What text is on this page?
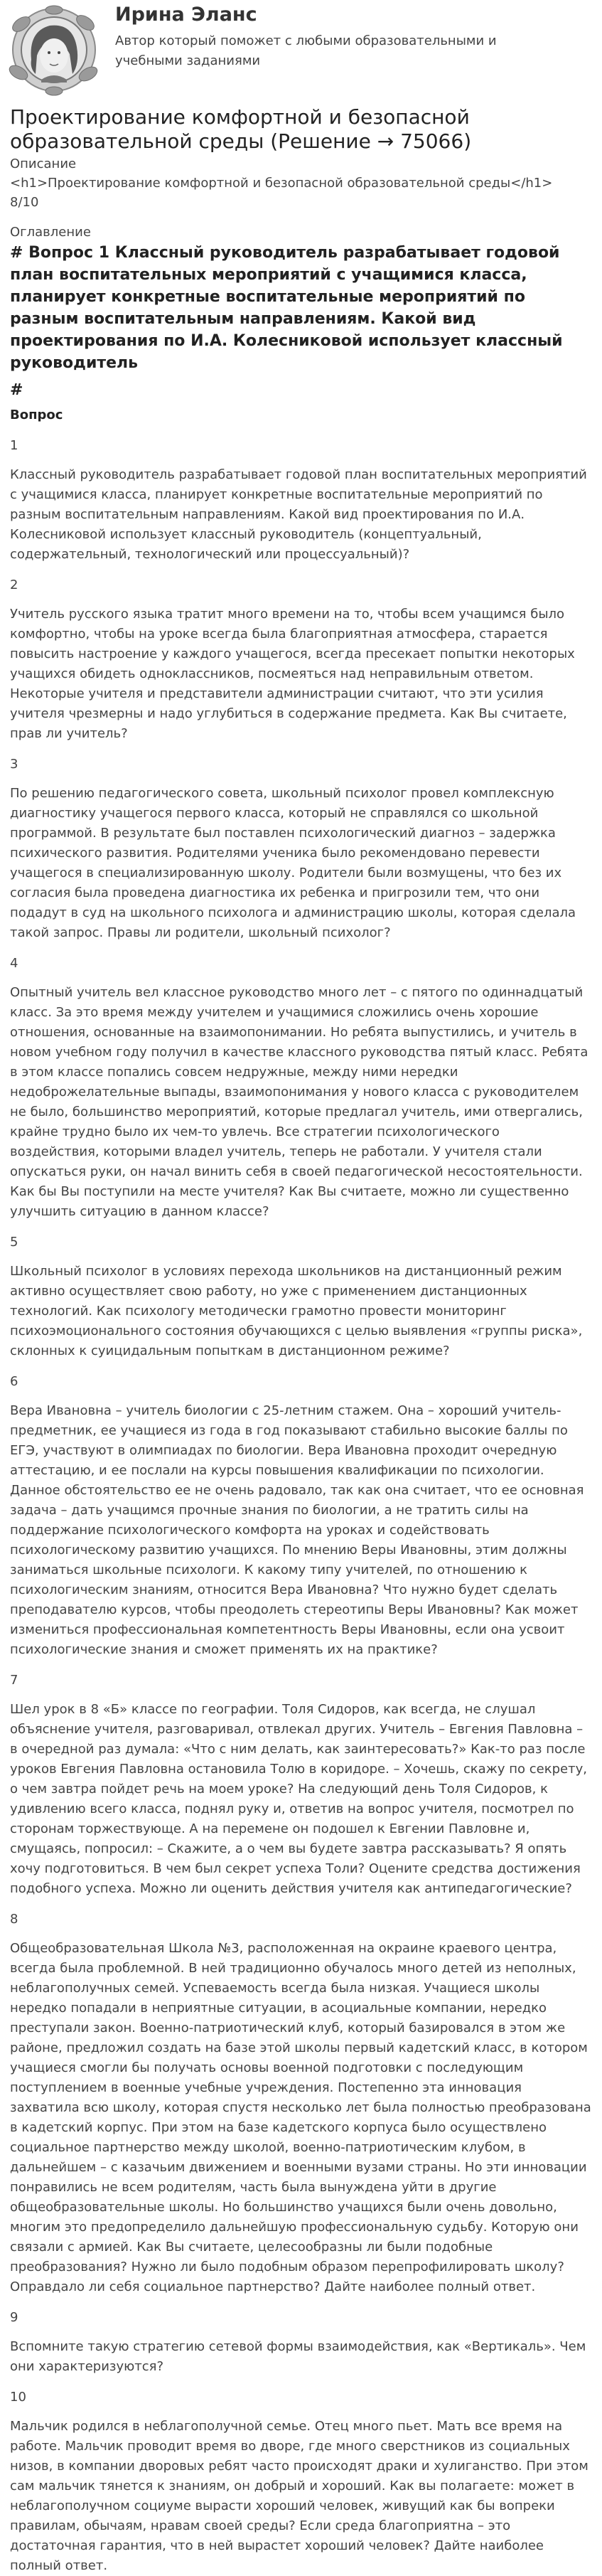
Ирина Эланс
Автор который поможет с любыми образовательными и учебными заданиями
Проектирование комфортной и безопасной образовательной среды (Решение → 75066)
Описание
<h1>Проектирование комфортной и безопасной образовательной среды</h1>
8/10
Оглавление
# Вопрос 1 Классный руководитель разрабатывает годовой план воспитательных мероприятий с учащимися класса, планирует конкретные воспитательные мероприятий по разным воспитательным направлениям. Какой вид проектирования по И.А. Колесниковой использует классный руководитель
#
Вопрос
1
Классный руководитель разрабатывает годовой план воспитательных мероприятий с учащимися класса, планирует конкретные воспитательные мероприятий по разным воспитательным направлениям. Какой вид проектирования по И.А. Колесниковой использует классный руководитель (концептуальный, содержательный, технологический или процессуальный)?
2
Учитель русского языка тратит много времени на то, чтобы всем учащимся было комфортно, чтобы на уроке всегда была благоприятная атмосфера, старается повысить настроение у каждого учащегося, всегда пресекает попытки некоторых учащихся обидеть одноклассников, посмеяться над неправильным ответом. Некоторые учителя и представители администрации считают, что эти усилия учителя чрезмерны и надо углубиться в содержание предмета. Как Вы считаете, прав ли учитель?
3
По решению педагогического совета, школьный психолог провел комплексную диагностику учащегося первого класса, который не справлялся со школьной программой. В результате был поставлен психологический диагноз – задержка психического развития. Родителями ученика было рекомендовано перевести учащегося в специализированную школу. Родители были возмущены, что без их согласия была проведена диагностика их ребенка и пригрозили тем, что они подадут в суд на школьного психолога и администрацию школы, которая сделала такой запрос. Правы ли родители, школьный психолог?
4
Опытный учитель вел классное руководство много лет – с пятого по одиннадцатый класс. За это время между учителем и учащимися сложились очень хорошие отношения, основанные на взаимопонимании. Но ребята выпустились, и учитель в новом учебном году получил в качестве классного руководства пятый класс. Ребята в этом классе попались совсем недружные, между ними нередки недоброжелательные выпады, взаимопонимания у нового класса с руководителем не было, большинство мероприятий, которые предлагал учитель, ими отвергались, крайне трудно было их чем-то увлечь. Все стратегии психологического воздействия, которыми владел учитель, теперь не работали. У учителя стали опускаться руки, он начал винить себя в своей педагогической несостоятельности. Как бы Вы поступили на месте учителя? Как Вы считаете, можно ли существенно улучшить ситуацию в данном классе?
5
Школьный психолог в условиях перехода школьников на дистанционный режим активно осуществляет свою работу, но уже с применением дистанционных технологий. Как психологу методически грамотно провести мониторинг психоэмоционального состояния обучающихся с целью выявления «группы риска», склонных к суицидальным попыткам в дистанционном режиме?
6
Вера Ивановна – учитель биологии с 25-летним стажем. Она – хороший учитель-предметник, ее учащиеся из года в год показывают стабильно высокие баллы по ЕГЭ, участвуют в олимпиадах по биологии. Вера Ивановна проходит очередную аттестацию, и ее послали на курсы повышения квалификации по психологии. Данное обстоятельство ее не очень радовало, так как она считает, что ее основная задача – дать учащимся прочные знания по биологии, а не тратить силы на поддержание психологического комфорта на уроках и содействовать психологическому развитию учащихся. По мнению Веры Ивановны, этим должны заниматься школьные психологи. К какому типу учителей, по отношению к психологическим знаниям, относится Вера Ивановна? Что нужно будет сделать преподавателю курсов, чтобы преодолеть стереотипы Веры Ивановны? Как может измениться профессиональная компетентность Веры Ивановны, если она усвоит психологические знания и сможет применять их на практике?
7
Шел урок в 8 «Б» классе по географии. Толя Сидоров, как всегда, не слушал объяснение учителя, разговаривал, отвлекал других. Учитель – Евгения Павловна – в очередной раз думала: «Что с ним делать, как заинтересовать?» Как-то раз после уроков Евгения Павловна остановила Толю в коридоре. – Хочешь, скажу по секрету, о чем завтра пойдет речь на моем уроке? На следующий день Толя Сидоров, к удивлению всего класса, поднял руку и, ответив на вопрос учителя, посмотрел по сторонам торжествующе. А на перемене он подошел к Евгении Павловне и, смущаясь, попросил: – Скажите, а о чем вы будете завтра рассказывать? Я опять хочу подготовиться. В чем был секрет успеха Толи? Оцените средства достижения подобного успеха. Можно ли оценить действия учителя как антипедагогические?
8
Общеобразовательная Школа №3, расположенная на окраине краевого центра, всегда была проблемной. В ней традиционно обучалось много детей из неполных, неблагополучных семей. Успеваемость всегда была низкая. Учащиеся школы нередко попадали в неприятные ситуации, в асоциальные компании, нередко преступали закон. Военно-патриотический клуб, который базировался в этом же районе, предложил создать на базе этой школы первый кадетский класс, в котором учащиеся смогли бы получать основы военной подготовки с последующим поступлением в военные учебные учреждения. Постепенно эта инновация захватила всю школу, которая спустя несколько лет была полностью преобразована в кадетский корпус. При этом на базе кадетского корпуса было осуществлено социальное партнерство между школой, военно-патриотическим клубом, в дальнейшем – с казачьим движением и военными вузами страны. Но эти инновации понравились не всем родителям, часть была вынуждена уйти в другие общеобразовательные школы. Но большинство учащихся были очень довольно, многим это предопределило дальнейшую профессиональную судьбу. Которую они связали с армией. Как Вы считаете, целесообразны ли были подобные преобразования? Нужно ли было подобным образом перепрофилировать школу? Оправдало ли себя социальное партнерство? Дайте наиболее полный ответ.
9
Вспомните такую стратегию сетевой формы взаимодействия, как «Вертикаль». Чем они характеризуются?
10
Мальчик родился в неблагополучной семье. Отец много пьет. Мать все время на работе. Мальчик проводит время во дворе, где много сверстников из социальных низов, в компании дворовых ребят часто происходят драки и хулиганство. При этом сам мальчик тянется к знаниям, он добрый и хороший. Как вы полагаете: может в неблагополучном социуме вырасти хороший человек, живущий как бы вопреки правилам, обычаям, нравам своей среды? Если среда благоприятна – это достаточная гарантия, что в ней вырастет хороший человек? Дайте наиболее полный ответ.
